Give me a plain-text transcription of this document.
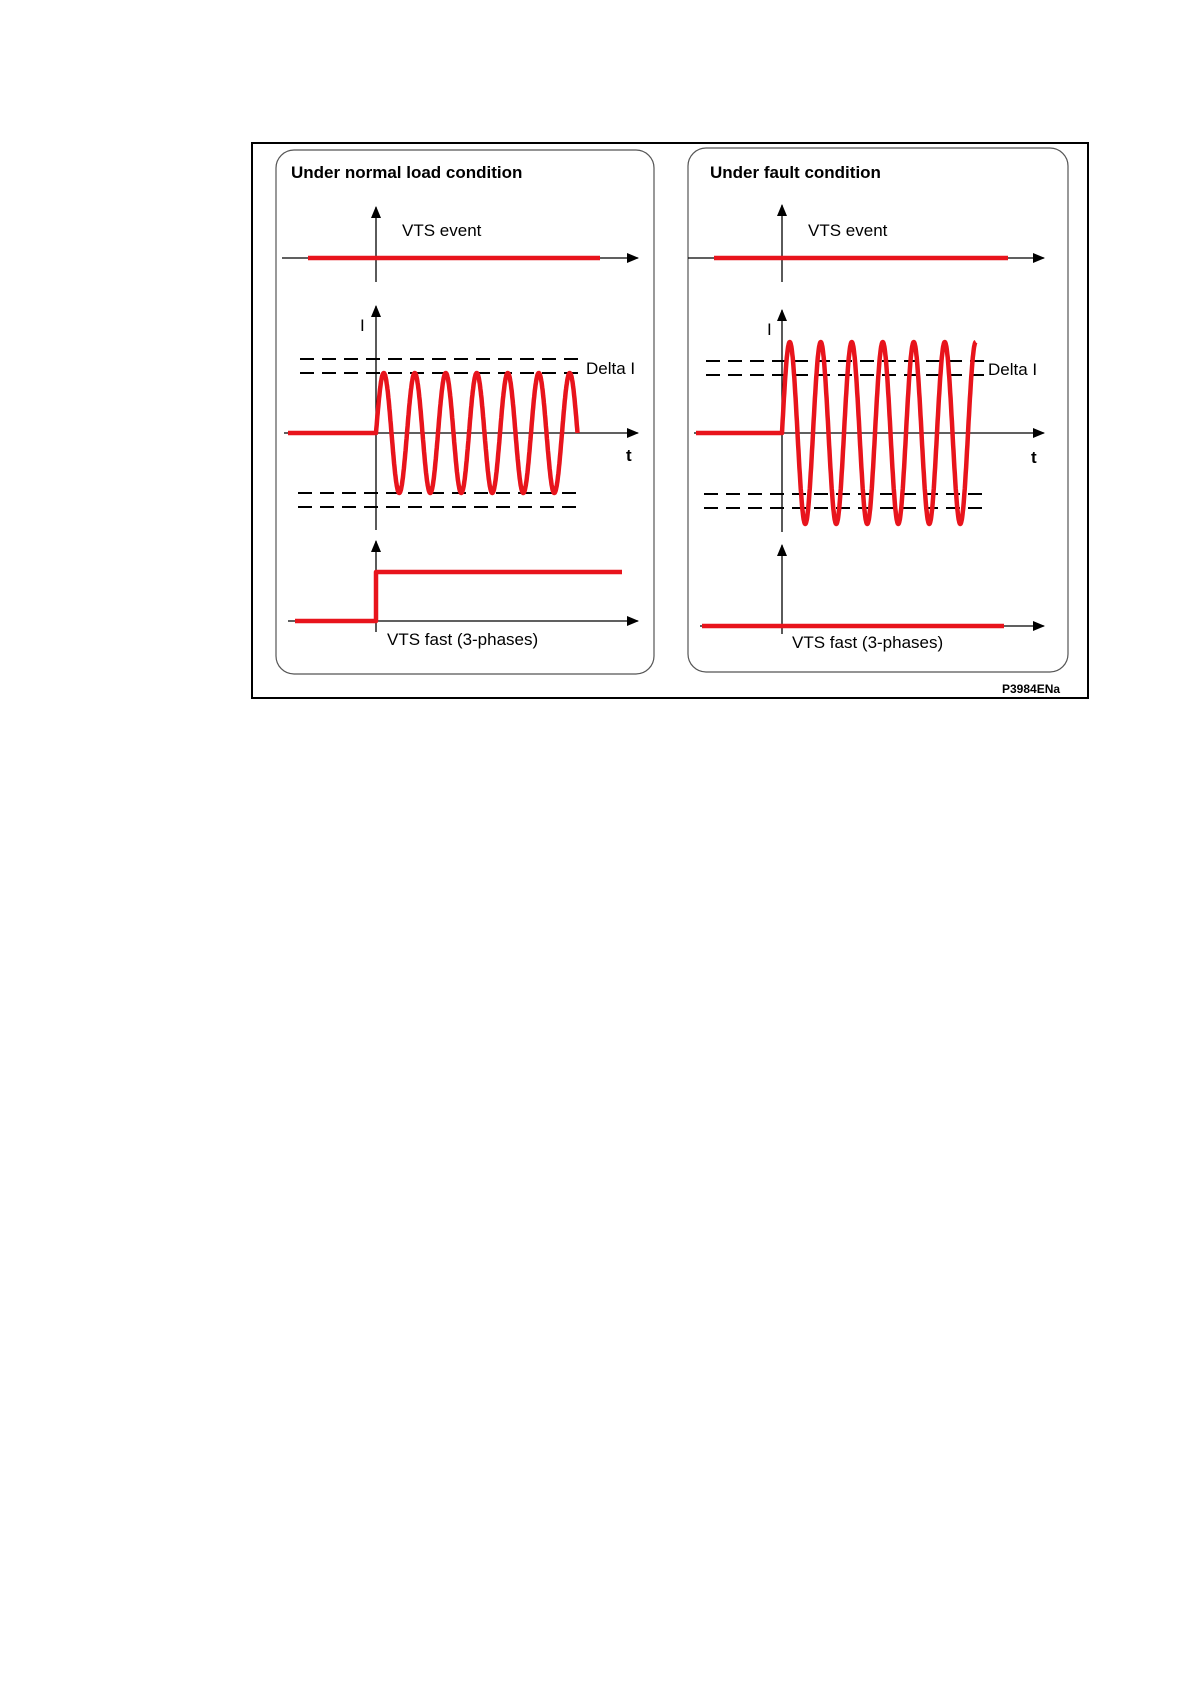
Under normal load condition
VTS event
I
t
Delta I
VTS fast (3-phases)
Under fault condition
VTS event
I
t
Delta I
VTS fast (3-phases)
P3984ENa
